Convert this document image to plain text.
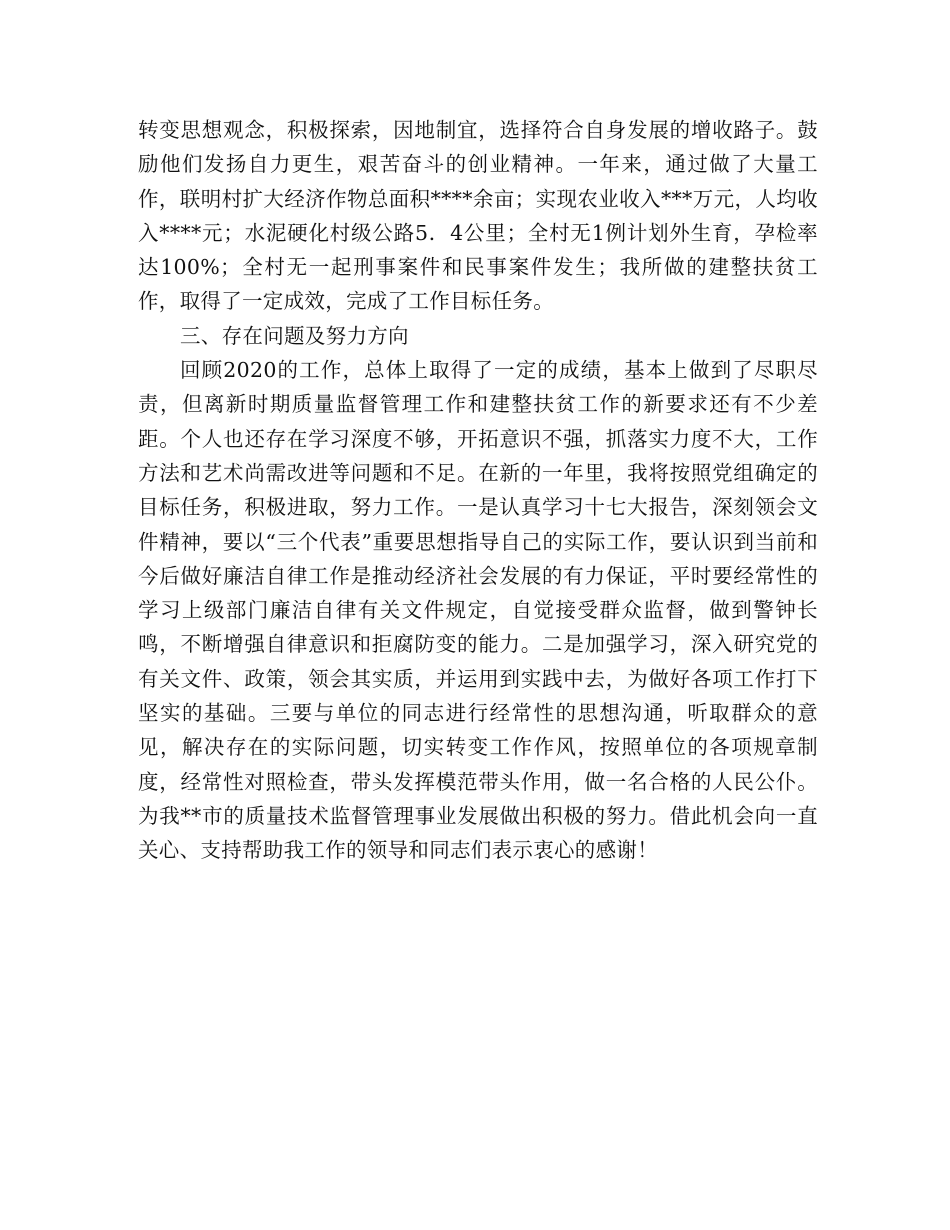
转变思想观念，积极探索，因地制宜，选择符合自身发展的增收路子。鼓励他们发扬自力更生，艰苦奋斗的创业精神。一年来，通过做了大量工作，联明村扩大经济作物总面积****余亩；实现农业收入***万元，人均收入****元；水泥硬化村级公路5．4公里；全村无1例计划外生育，孕检率达100%；全村无一起刑事案件和民事案件发生；我所做的建整扶贫工作，取得了一定成效，完成了工作目标任务。

三、存在问题及努力方向

回顾2020的工作，总体上取得了一定的成绩，基本上做到了尽职尽责，但离新时期质量监督管理工作和建整扶贫工作的新要求还有不少差距。个人也还存在学习深度不够，开拓意识不强，抓落实力度不大，工作方法和艺术尚需改进等问题和不足。在新的一年里，我将按照党组确定的目标任务，积极进取，努力工作。一是认真学习十七大报告，深刻领会文件精神，要以“三个代表”重要思想指导自己的实际工作，要认识到当前和今后做好廉洁自律工作是推动经济社会发展的有力保证，平时要经常性的学习上级部门廉洁自律有关文件规定，自觉接受群众监督，做到警钟长鸣，不断增强自律意识和拒腐防变的能力。二是加强学习，深入研究党的有关文件、政策，领会其实质，并运用到实践中去，为做好各项工作打下坚实的基础。三要与单位的同志进行经常性的思想沟通，听取群众的意见，解决存在的实际问题，切实转变工作作风，按照单位的各项规章制度，经常性对照检查，带头发挥模范带头作用，做一名合格的人民公仆。为我**市的质量技术监督管理事业发展做出积极的努力。借此机会向一直关心、支持帮助我工作的领导和同志们表示衷心的感谢！
